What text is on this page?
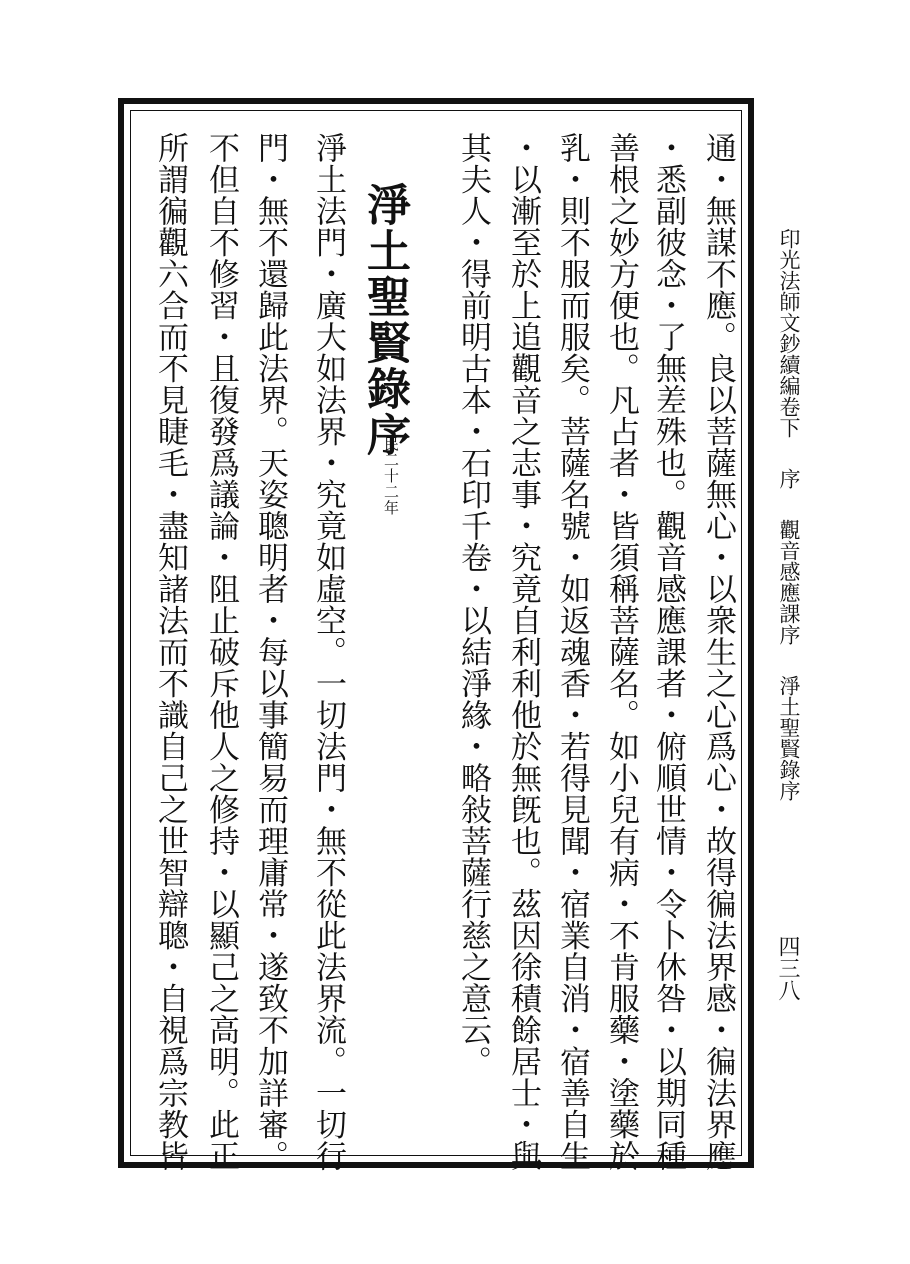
印光法師文鈔續編卷下序觀音感應課序淨土聖賢錄序
四三八
通・無謀不應。良以菩薩無心・以衆生之心爲心・故得徧法界感・徧法界應
・悉副彼念・了無差殊也。觀音感應課者・俯順世情・令卜休咎・以期同種
善根之妙方便也。凡占者・皆須稱菩薩名。如小兒有病・不肯服藥・塗藥於
乳・則不服而服矣。菩薩名號・如返魂香・若得見聞・宿業自消・宿善自生
・以漸至於上追觀音之志事・究竟自利利他於無旣也。茲因徐積餘居士・與
其夫人・得前明古本・石印千卷・以結淨緣・略敍菩薩行慈之意云。
淨土聖賢錄序
民二十二年
淨土法門・廣大如法界・究竟如虛空。一切法門・無不從此法界流。一切行
門・無不還歸此法界。天姿聰明者・每以事簡易而理庸常・遂致不加詳審。
不但自不修習・且復發爲議論・阻止破斥他人之修持・以顯己之高明。此正
所謂徧觀六合而不見睫毛・盡知諸法而不識自己之世智辯聰・自視爲宗教皆
